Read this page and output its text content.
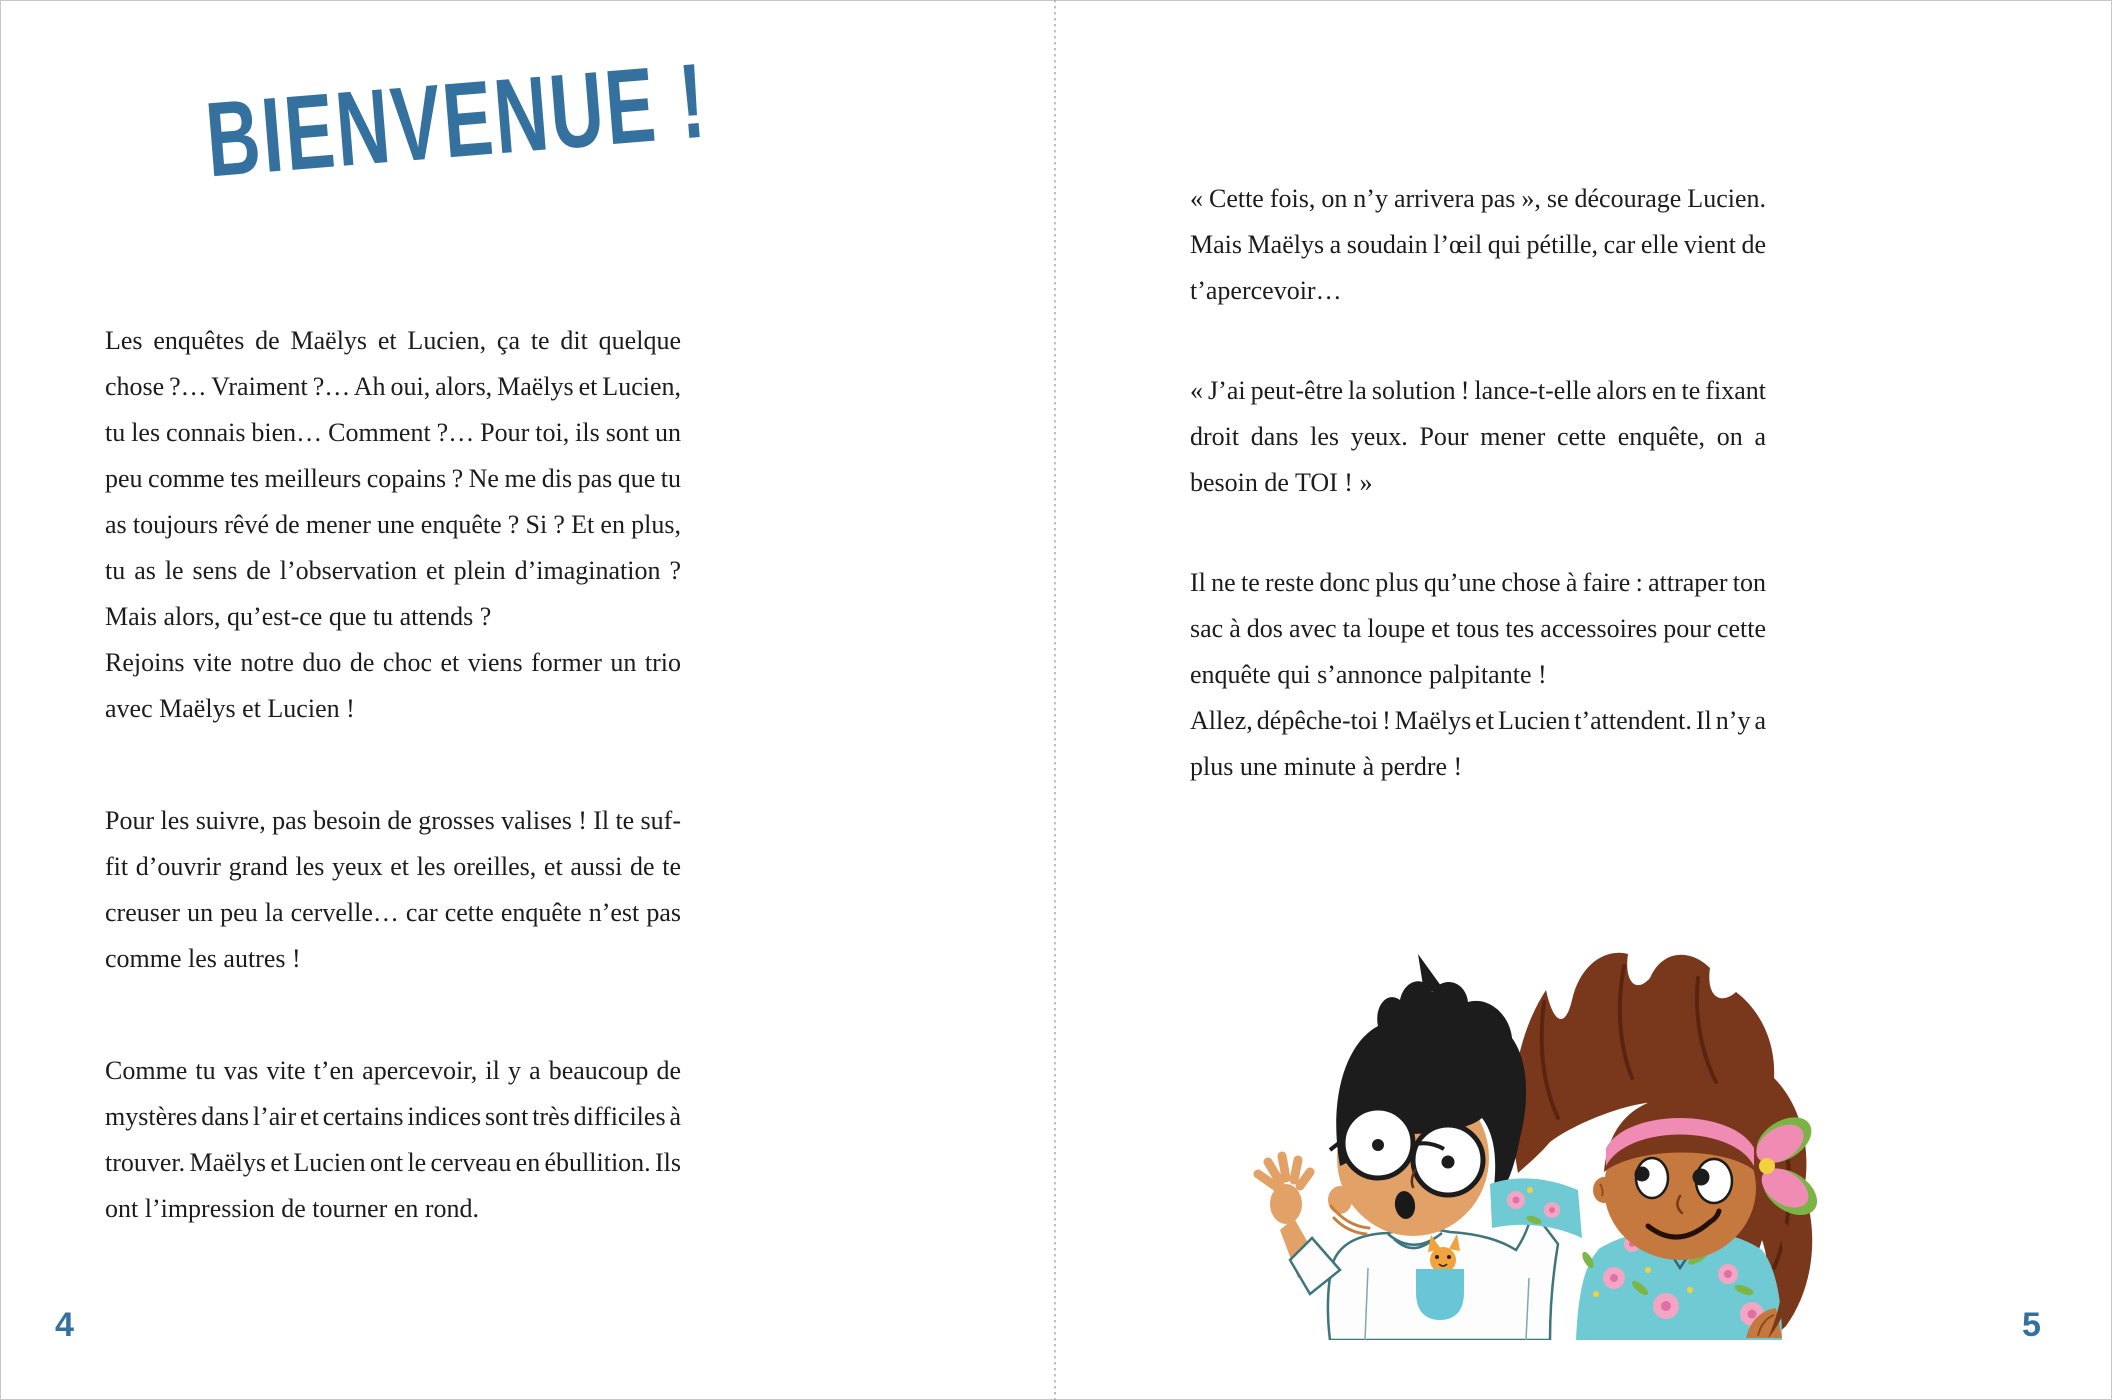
BIENVENUE !
Les enquêtes de Maëlys et Lucien, ça te dit quelque
chose ?… Vraiment ?… Ah oui, alors, Maëlys et Lucien,
tu les connais bien… Comment ?… Pour toi, ils sont un
peu comme tes meilleurs copains ? Ne me dis pas que tu
as toujours rêvé de mener une enquête ? Si ? Et en plus,
tu as le sens de l’observation et plein d’imagination ?
Mais alors, qu’est-ce que tu attends ?
Rejoins vite notre duo de choc et viens former un trio
avec Maëlys et Lucien !
Pour les suivre, pas besoin de grosses valises ! Il te suf-
fit d’ouvrir grand les yeux et les oreilles, et aussi de te
creuser un peu la cervelle… car cette enquête n’est pas
comme les autres !
Comme tu vas vite t’en apercevoir, il y a beaucoup de
mystères dans l’air et certains indices sont très difficiles à
trouver. Maëlys et Lucien ont le cerveau en ébullition. Ils
ont l’impression de tourner en rond.
4
« Cette fois, on n’y arrivera pas », se décourage Lucien.
Mais Maëlys a soudain l’œil qui pétille, car elle vient de
t’apercevoir…
« J’ai peut-être la solution ! lance-t-elle alors en te fixant
droit dans les yeux. Pour mener cette enquête, on a
besoin de TOI ! »
Il ne te reste donc plus qu’une chose à faire : attraper ton
sac à dos avec ta loupe et tous tes accessoires pour cette
enquête qui s’annonce palpitante !
Allez, dépêche-toi ! Maëlys et Lucien t’attendent. Il n’y a
plus une minute à perdre !
5
